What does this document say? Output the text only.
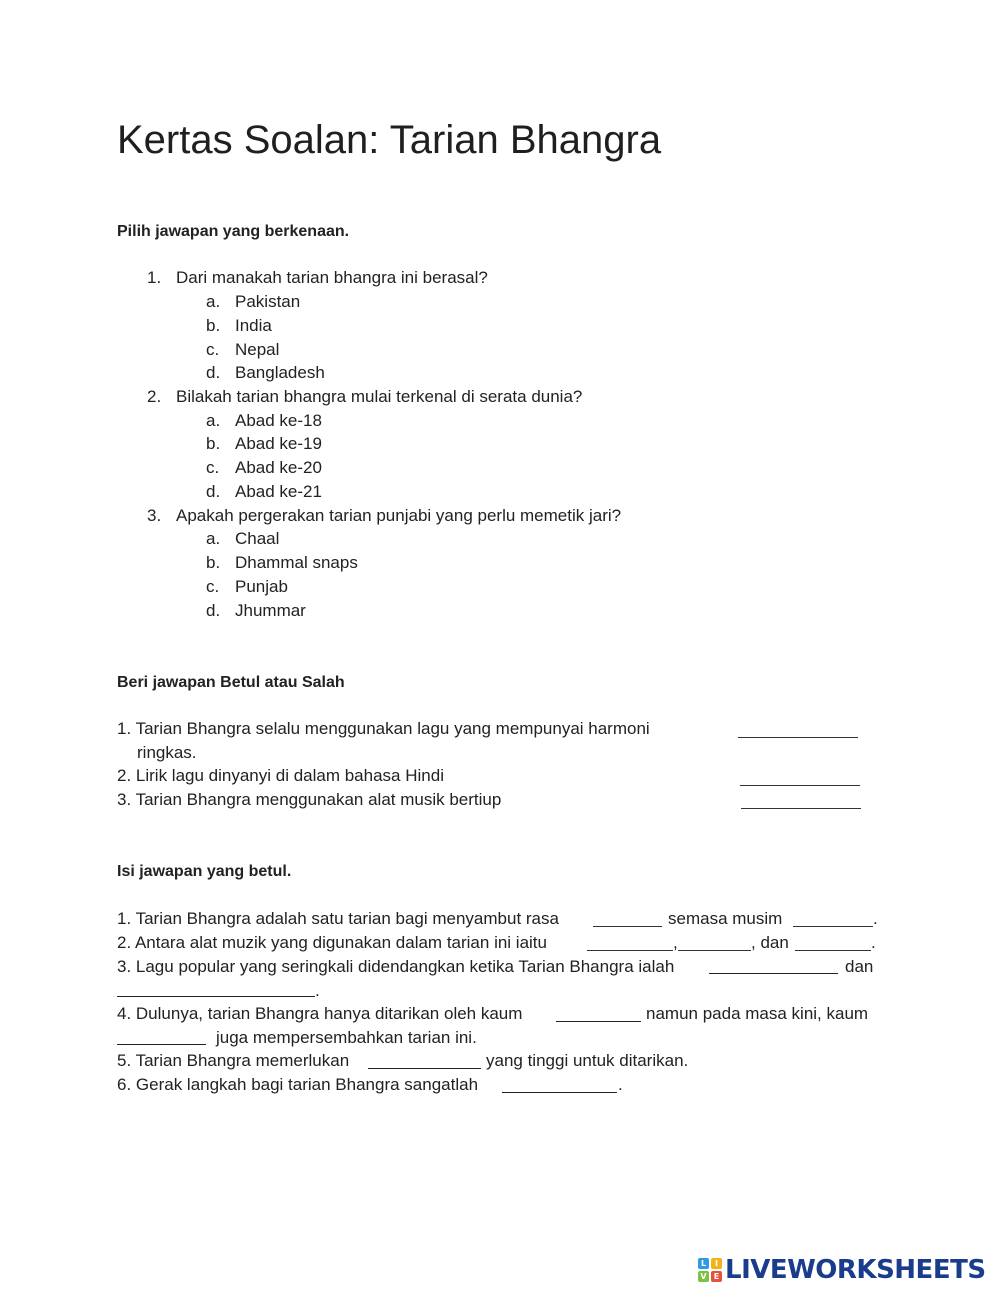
Kertas Soalan: Tarian Bhangra
Pilih jawapan yang berkenaan.
1. Dari manakah tarian bhangra ini berasal?
a. Pakistan
b. India
c. Nepal
d. Bangladesh
2. Bilakah tarian bhangra mulai terkenal di serata dunia?
a. Abad ke-18
b. Abad ke-19
c. Abad ke-20
d. Abad ke-21
3. Apakah pergerakan tarian punjabi yang perlu memetik jari?
a. Chaal
b. Dhammal snaps
c. Punjab
d. Jhummar
Beri jawapan Betul atau Salah
1. Tarian Bhangra selalu menggunakan lagu yang mempunyai harmoni
ringkas.
2. Lirik lagu dinyanyi di dalam bahasa Hindi
3. Tarian Bhangra menggunakan alat musik bertiup
Isi jawapan yang betul.
1. Tarian Bhangra adalah satu tarian bagi menyambut rasa	semasa musim	.
2. Antara alat muzik yang digunakan dalam tarian ini iaitu	,	, dan	.
3. Lagu popular yang seringkali didendangkan ketika Tarian Bhangra ialah	dan
.
4. Dulunya, tarian Bhangra hanya ditarikan oleh kaum	namun pada masa kini, kaum
juga mempersembahkan tarian ini.
5. Tarian Bhangra memerlukan	yang tinggi untuk ditarikan.
6. Gerak langkah bagi tarian Bhangra sangatlah	.
L	I
V E LIVEWORKSHEETS
